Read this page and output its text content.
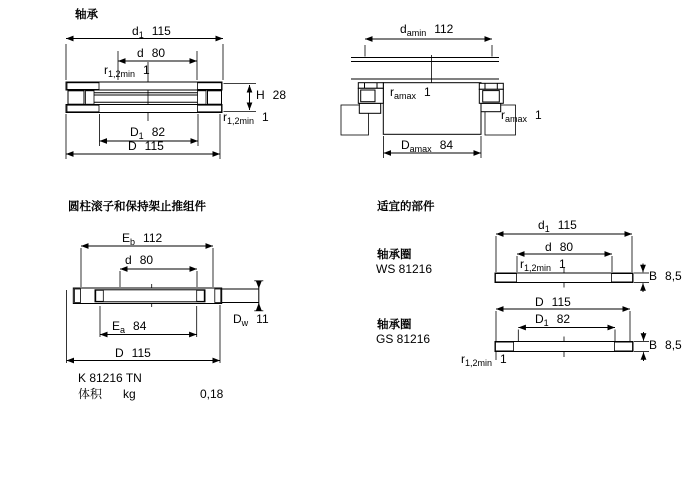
轴承
$d_1$ 115
d 80
$r_{1,2min}$ 1
H 28
$r_{1,2min}$ 1
$D_1$ 82
D 115
$d_{amin}$ 112
$r_{amax}$ 1
$r_{amax}$ 1
$D_{amax}$ 84
圆柱滚子和保持架止推组件
$E_b$ 112
d 80
$D_w$ 11
$E_a$ 84
D 115
K 81216 TN
体积 kg	0,18
适宜的部件
轴承圈
WS 81216
轴承圈
GS 81216
$d_1$ 115
d 80
$r_{1,2min}$ 1
B 8,5
D 115
$D_1$ 82
B 8,5
$r_{1,2min}$ 1
